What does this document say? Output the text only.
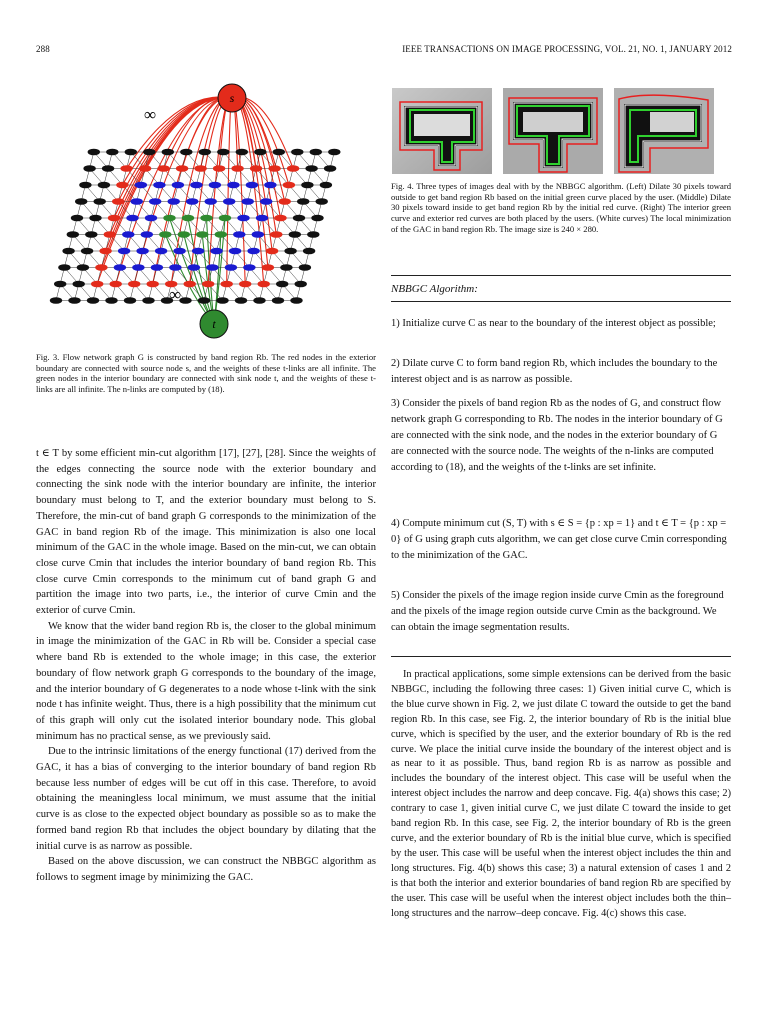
288	IEEE TRANSACTIONS ON IMAGE PROCESSING, VOL. 21, NO. 1, JANUARY 2012
s
t
∞
∞
Fig. 3. Flow network graph G is constructed by band region Rb. The red nodes in the exterior boundary are connected with source node s, and the weights of these t-links are all infinite. The green nodes in the interior boundary are connected with sink node t, and the weights of these t-links are all infinite. The n-links are computed by (18).
Fig. 4. Three types of images deal with by the NBBGC algorithm. (Left) Dilate 30 pixels toward outside to get band region Rb based on the initial green curve placed by the user. (Middle) Dilate 30 pixels toward inside to get band region Rb by the initial red curve. (Right) The interior green curve and exterior red curves are both placed by the users. (White curves) The local minimization of the GAC in band region Rb. The image size is 240 × 280.

t ∈ T by some efficient min-cut algorithm [17], [27], [28]. Since the weights of the edges connecting the source node with the exterior boundary and connecting the sink node with the interior boundary are infinite, the interior boundary must belong to T, and the exterior boundary must belong to S. Therefore, the min-cut of band graph G corresponds to the minimization of the GAC in band region Rb of the image. This minimization is also one local minimum of the GAC in the whole image. Based on the min-cut, we can obtain close curve Cmin that includes the interior boundary of band region Rb. This close curve Cmin corresponds to the minimum cut of band graph G and partition the image into two parts, i.e., the interior of curve Cmin and the exterior of curve Cmin.

We know that the wider band region Rb is, the closer to the global minimum in image the minimization of the GAC in Rb will be. Consider a special case where band Rb is extended to the whole image; in this case, the exterior boundary of flow network graph G corresponds to the boundary of the image, and the interior boundary of G degenerates to a node whose t-link with the sink node t has infinite weight. Thus, there is a high possibility that the minimum cut of this graph will only cut the isolated interior boundary node. This global minimum has no practical sense, as we previously said.

Due to the intrinsic limitations of the energy functional (17) derived from the GAC, it has a bias of converging to the interior boundary of band region Rb because less number of edges will be cut off in this case. Therefore, to avoid obtaining the meaningless local minimum, we must assume that the initial curve is as close to the expected object boundary as possible so as to make the formed band region Rb that includes the object boundary by dilating that the initial curve is as narrow as possible.

Based on the above discussion, we can construct the NBBGC algorithm as follows to segment image by minimizing the GAC.

NBBGC Algorithm:
1) Initialize curve C as near to the boundary of the interest object as possible;
2) Dilate curve C to form band region Rb, which includes the boundary to the interest object and is as narrow as possible.
3) Consider the pixels of band region Rb as the nodes of G, and construct flow network graph G corresponding to Rb. The nodes in the interior boundary of G are connected with the sink node, and the nodes in the exterior boundary of G are connected with the source node. The weights of the n-links are computed according to (18), and the weights of the t-links are set infinite.
4) Compute minimum cut (S, T) with s ∈ S = {p : xp = 1} and t ∈ T = {p : xp = 0} of G using graph cuts algorithm, we can get close curve Cmin corresponding to the minimization of the GAC.
5) Consider the pixels of the image region inside curve Cmin as the foreground and the pixels of the image region outside curve Cmin as the background. We can obtain the image segmentation results.

In practical applications, some simple extensions can be derived from the basic NBBGC, including the following three cases: 1) Given initial curve C, which is the blue curve shown in Fig. 2, we just dilate C toward the outside to get the band region Rb. In this case, see Fig. 2, the interior boundary of Rb is the initial blue curve, which is specified by the user, and the exterior boundary of Rb is the red curve. We place the initial curve inside the boundary of the interest object and is as near to it as possible. Thus, band region Rb is as narrow as possible and includes the boundary of the interest object. This case will be useful when the interest object includes the narrow and deep concave. Fig. 4(a) shows this case; 2) contrary to case 1, given initial curve C, we just dilate C toward the inside to get band region Rb. In this case, see Fig. 2, the interior boundary of Rb is the green curve, and the exterior boundary of Rb is the initial blue curve, which is specified by the user. This case will be useful when the interest object includes the thin and long structures. Fig. 4(b) shows this case; 3) a natural extension of cases 1 and 2 is that both the interior and exterior boundaries of band region Rb are specified by the user. This case will be useful when the interest object includes both the thin–long structures and the narrow–deep concave. Fig. 4(c) shows this case.
